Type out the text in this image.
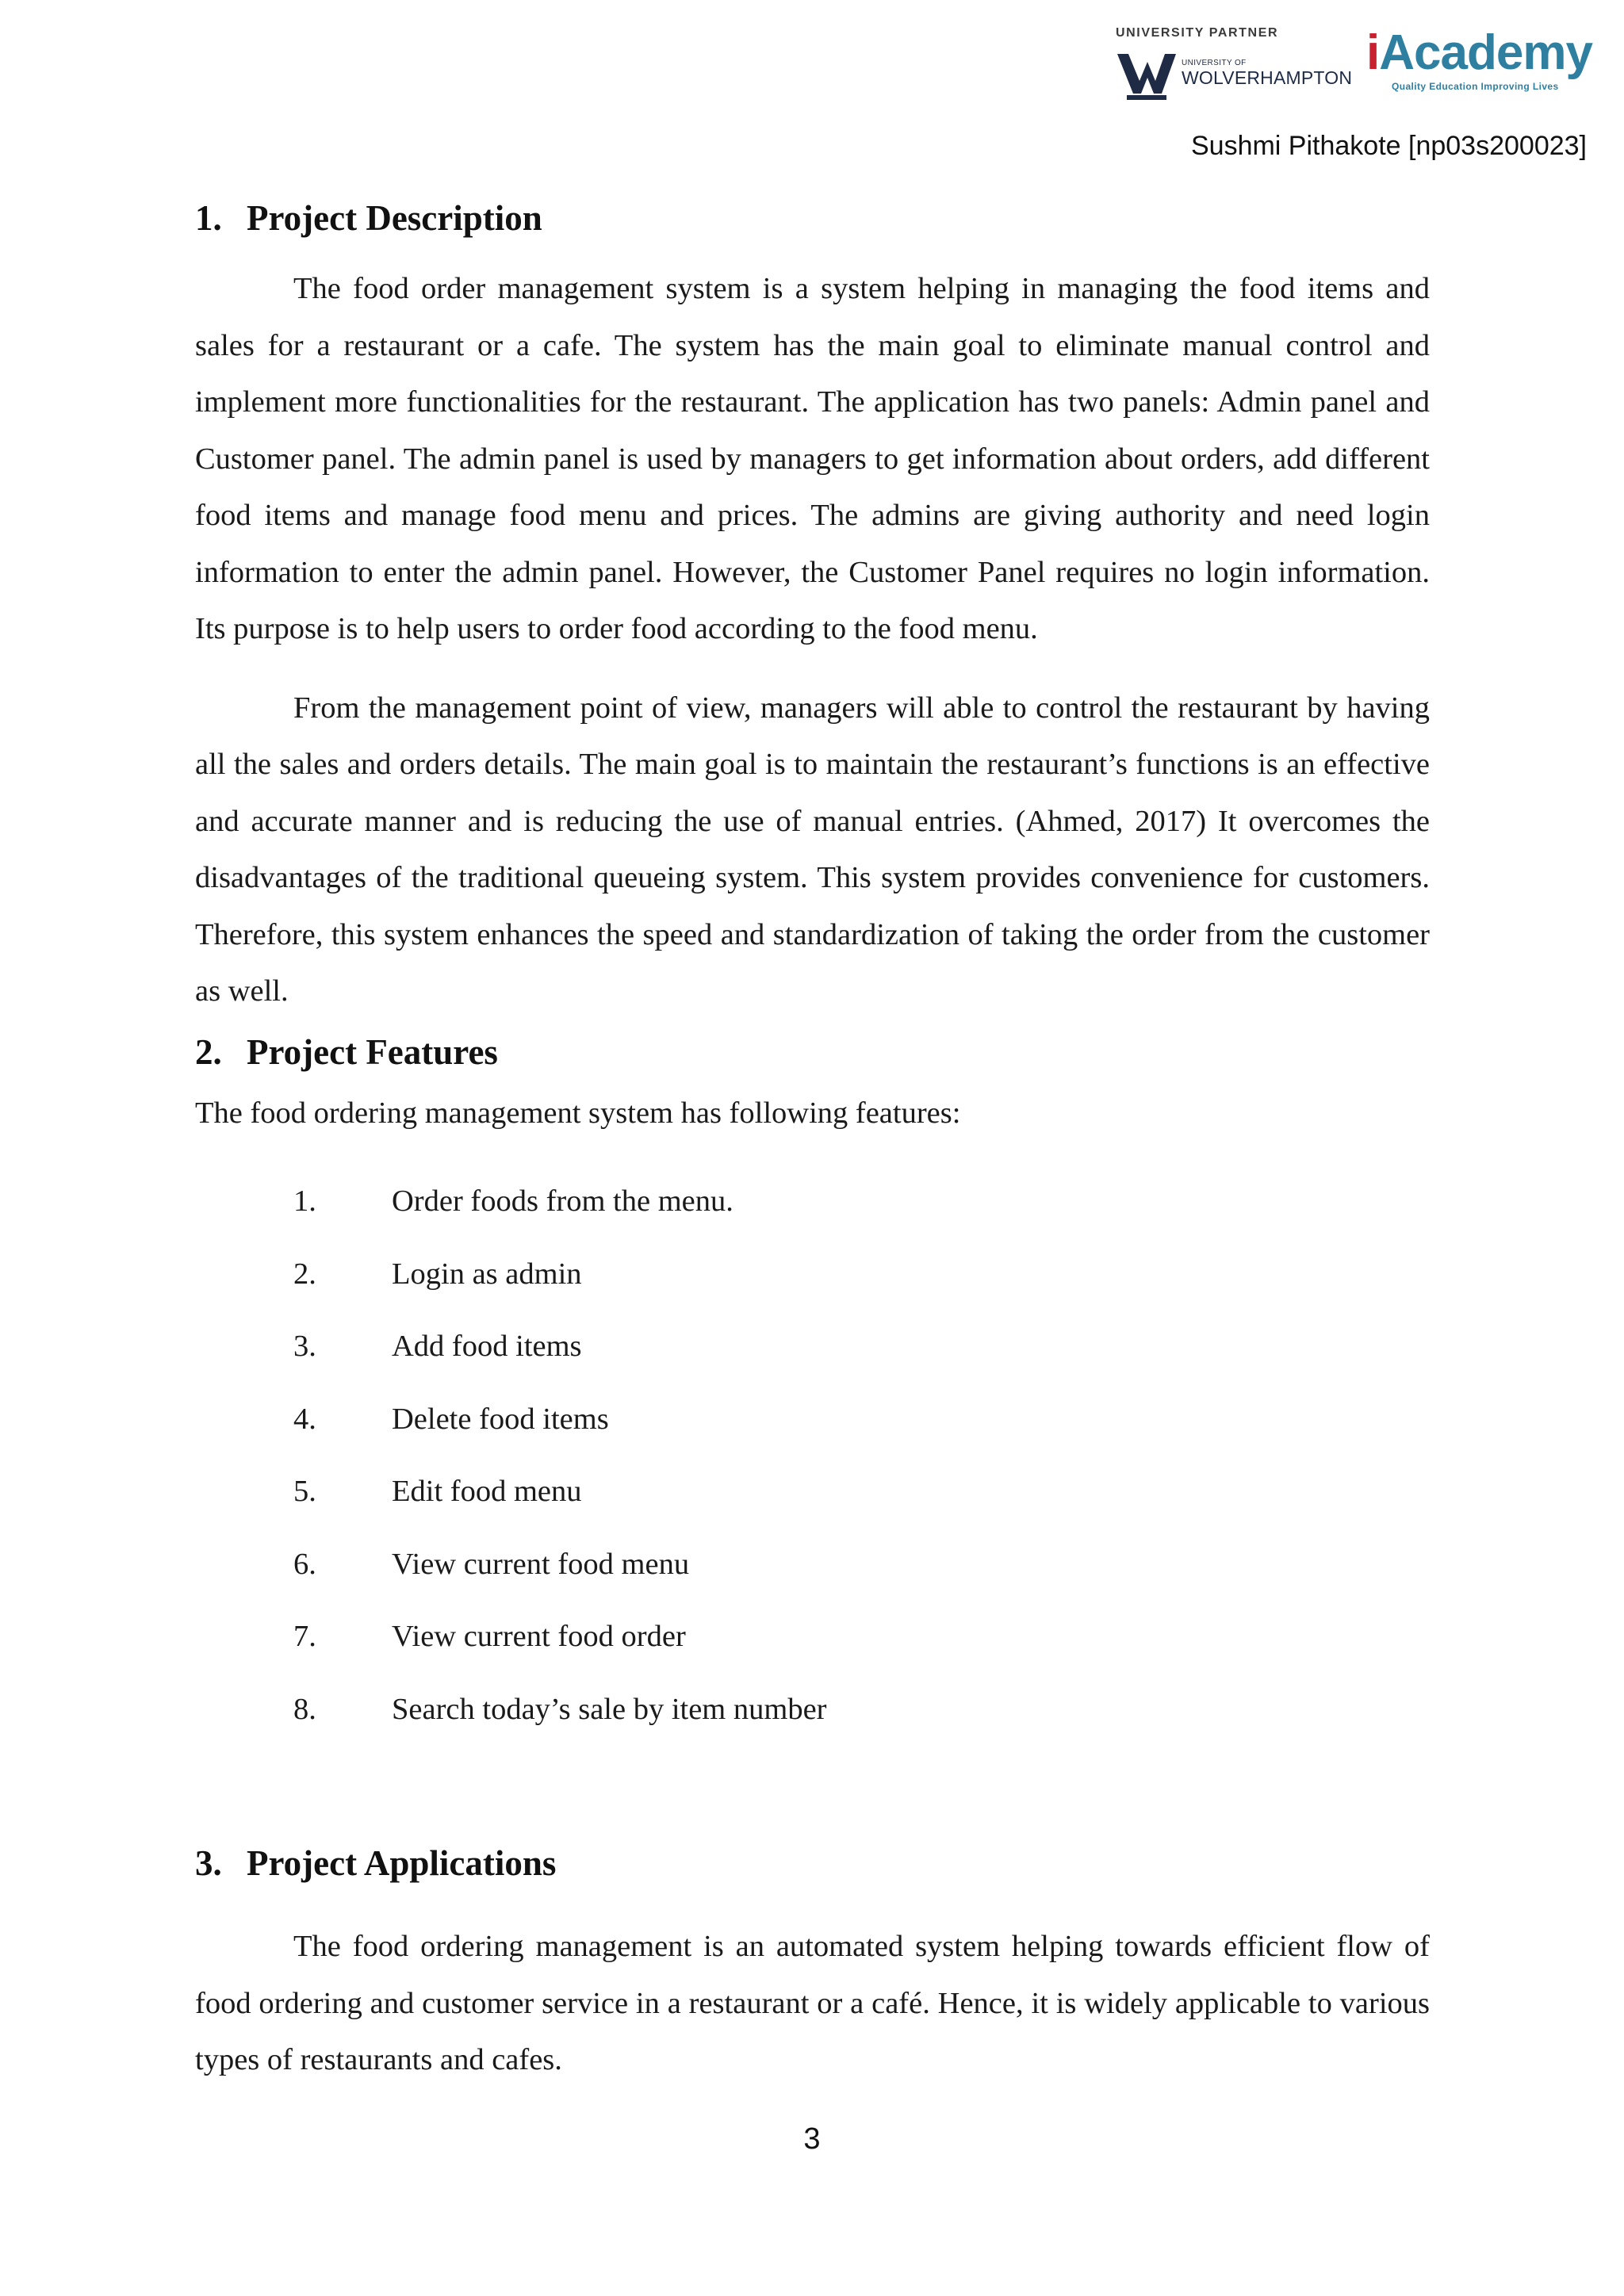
UNIVERSITY PARTNER
UNIVERSITY OF
WOLVERHAMPTON iAcademy
Quality Education Improving Lives
Sushmi Pithakote [np03s200023]
1. Project Description

The food order management system is a system helping in managing the food items and sales for a restaurant or a cafe. The system has the main goal to eliminate manual control and implement more functionalities for the restaurant. The application has two panels: Admin panel and Customer panel. The admin panel is used by managers to get information about orders, add different food items and manage food menu and prices. The admins are giving authority and need login information to enter the admin panel. However, the Customer Panel requires no login information. Its purpose is to help users to order food according to the food menu.

From the management point of view, managers will able to control the restaurant by having all the sales and orders details. The main goal is to maintain the restaurant’s functions is an effective and accurate manner and is reducing the use of manual entries. (Ahmed, 2017) It overcomes the disadvantages of the traditional queueing system. This system provides convenience for customers. Therefore, this system enhances the speed and standardization of taking the order from the customer as well.

2. Project Features

The food ordering management system has following features:

1. Order foods from the menu.
2. Login as admin
3. Add food items
4. Delete food items
5. Edit food menu
6. View current food menu
7. View current food order
8. Search today’s sale by item number
3. Project Applications

The food ordering management is an automated system helping towards efficient flow of food ordering and customer service in a restaurant or a café. Hence, it is widely applicable to various types of restaurants and cafes.

3
